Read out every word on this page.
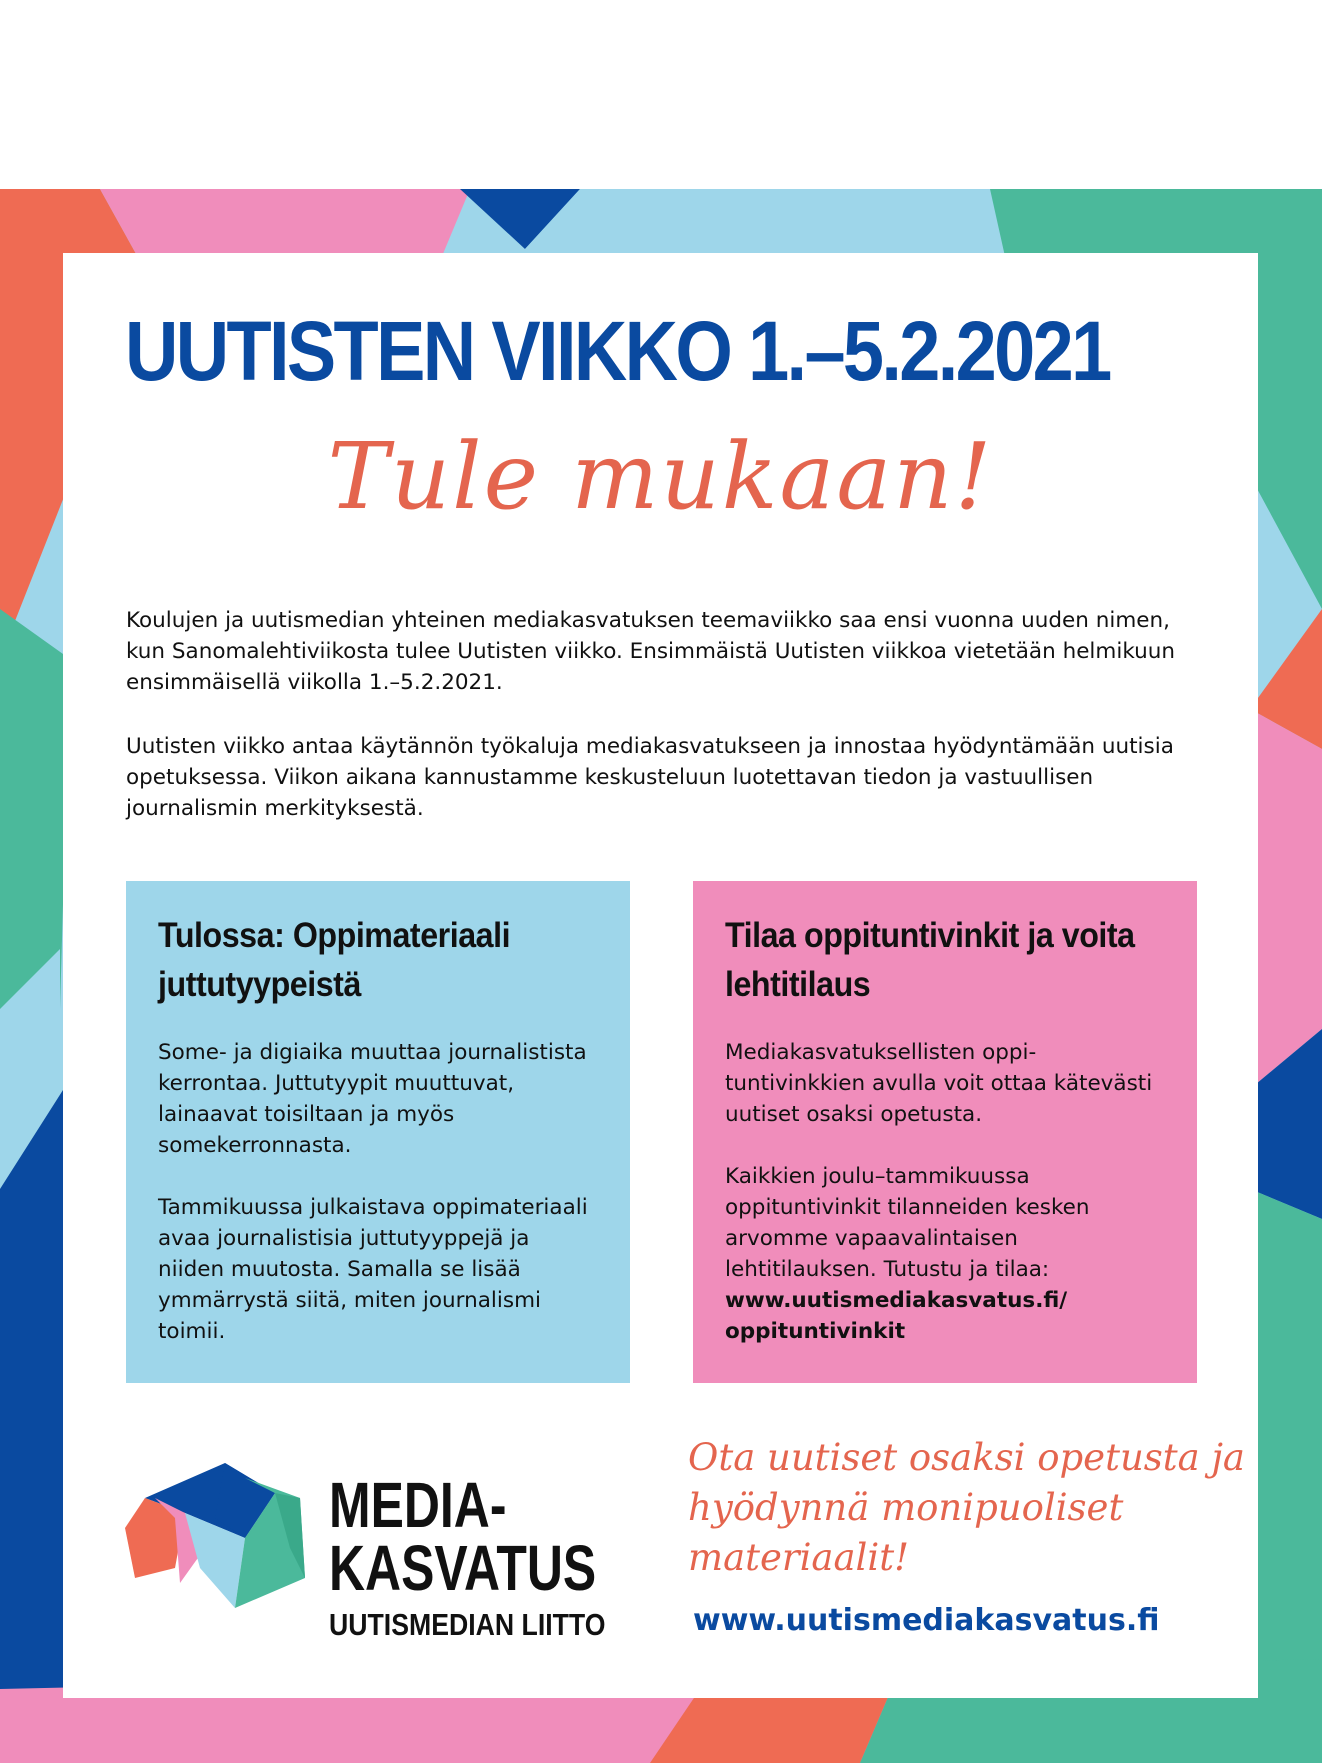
UUTISTEN VIIKKO 1.–5.2.2021
Tule mukaan!

Koulujen ja uutismedian yhteinen mediakasvatuksen teemaviikko saa ensi vuonna uuden nimen, kun Sanomalehtiviikosta tulee Uutisten viikko. Ensimmäistä Uutisten viikkoa vietetään helmikuun ensimmäisellä viikolla 1.–5.2.2021.

Uutisten viikko antaa käytännön työkaluja mediakasvatukseen ja innostaa hyödyntämään uutisia opetuksessa. Viikon aikana kannustamme keskusteluun luotettavan tiedon ja vastuullisen journalismin merkityksestä.

Tulossa: Oppimateriaali juttutyypeistä

Some- ja digiaika muuttaa journalistista kerrontaa. Juttutyypit muuttuvat, lainaavat toisiltaan ja myös somekerronnasta.

Tammikuussa julkaistava oppimateriaali avaa journalistisia juttutyyppejä ja niiden muutosta. Samalla se lisää ymmärrystä siitä, miten journalismi toimii.

Tilaa oppituntivinkit ja voita lehtitilaus

Mediakasvatuksellisten oppituntivinkkien avulla voit ottaa kätevästi uutiset osaksi opetusta.

Kaikkien joulu–tammikuussa oppituntivinkit tilanneiden kesken arvomme vapaavalintaisen lehtitilauksen. Tutustu ja tilaa:

www.uutismediakasvatus.fi/ oppituntivinkit

MEDIA-
KASVATUS
UUTISMEDIAN LIITTO

Ota uutiset osaksi opetusta ja hyödynnä monipuoliset materiaalit!

www.uutismediakasvatus.fi
